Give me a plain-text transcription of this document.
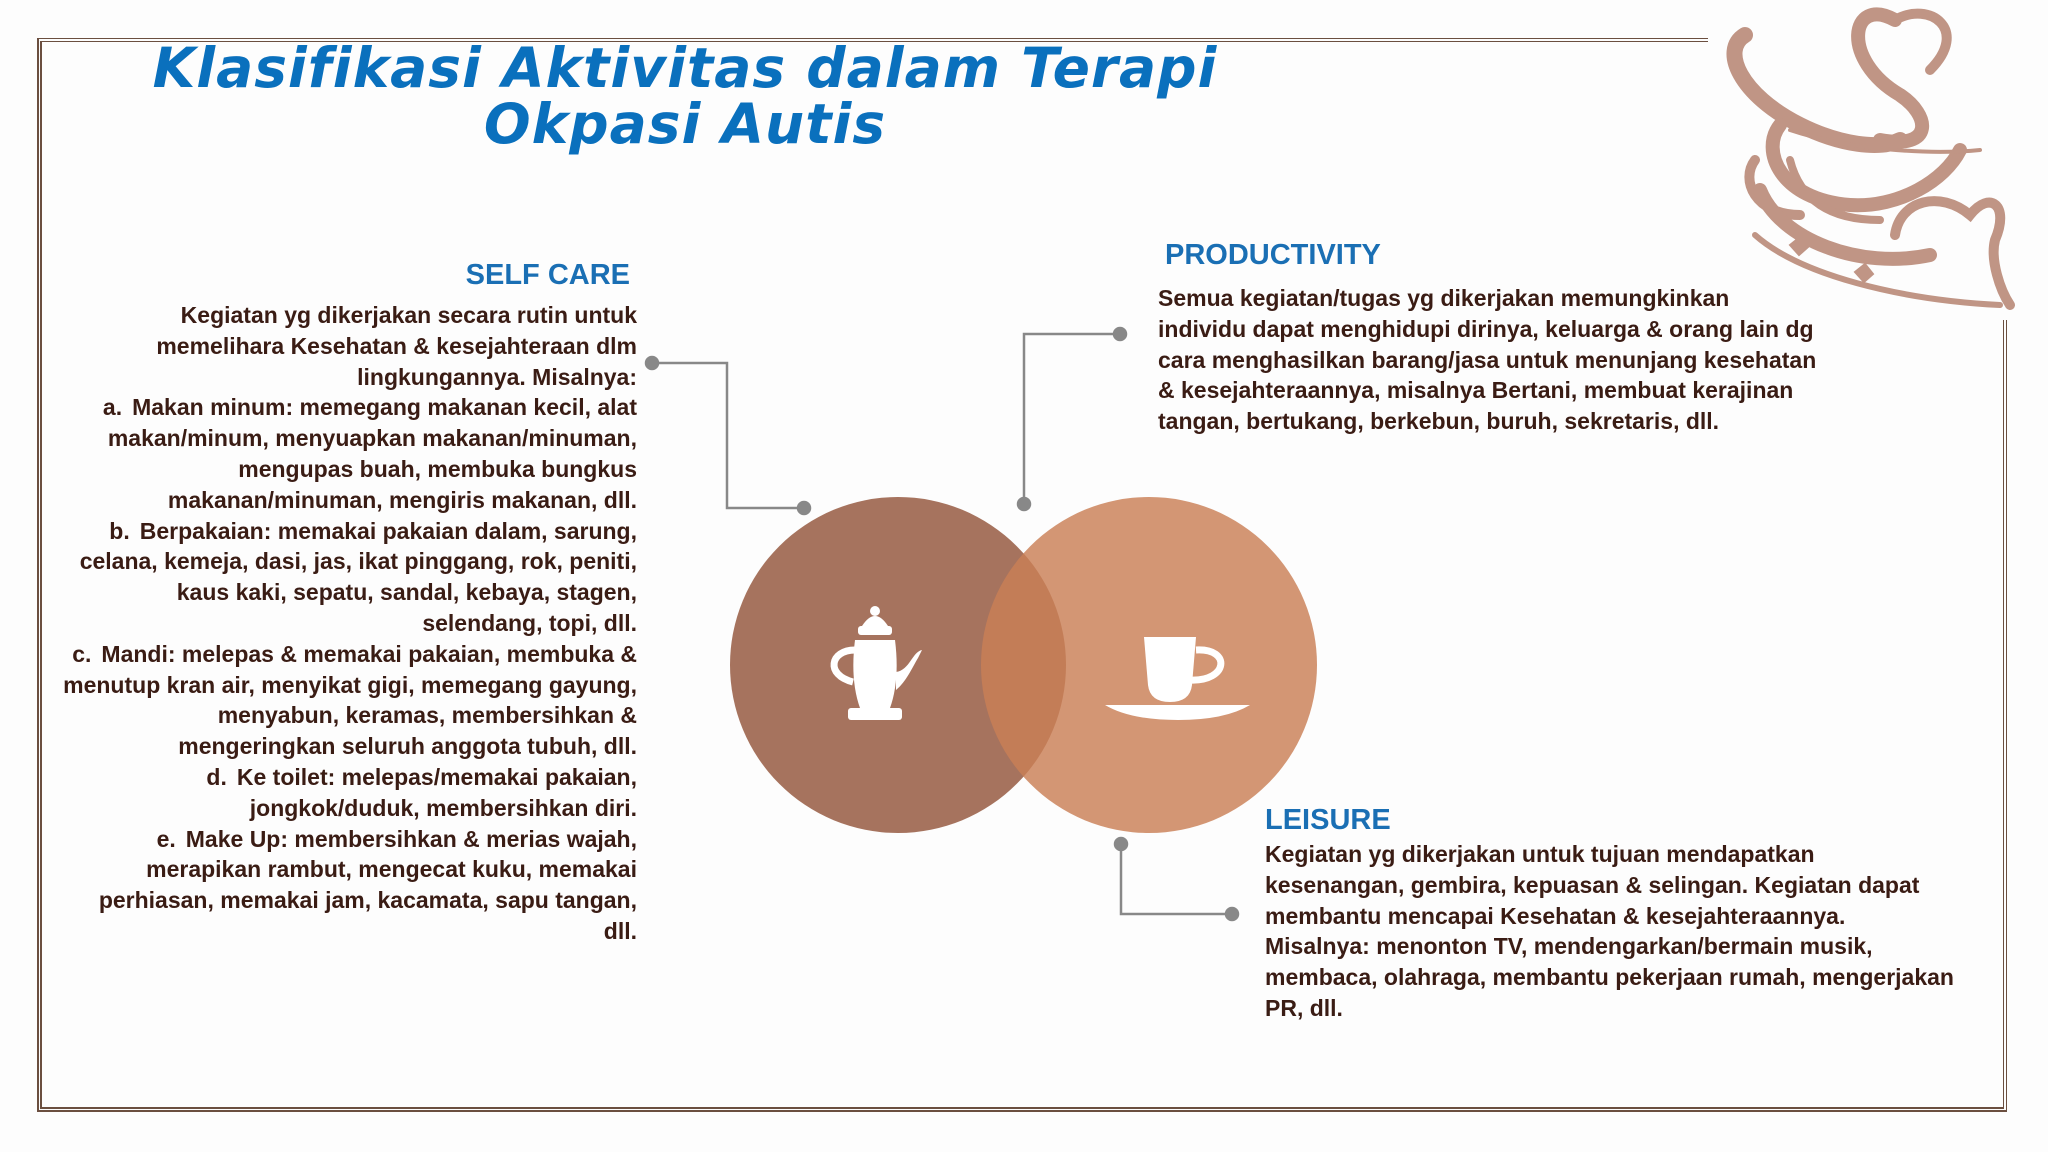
Klasifikasi Aktivitas dalam Terapi Okpasi Autis
SELF CARE

Kegiatan yg dikerjakan secara rutin untuk memelihara Kesehatan & kesejahteraan dlm lingkungannya. Misalnya:

a. Makan minum: memegang makanan kecil, alat makan/minum, menyuapkan makanan/minuman, mengupas buah, membuka bungkus makanan/minuman, mengiris makanan, dll.

b. Berpakaian: memakai pakaian dalam, sarung, celana, kemeja, dasi, jas, ikat pinggang, rok, peniti, kaus kaki, sepatu, sandal, kebaya, stagen, selendang, topi, dll.

c. Mandi: melepas & memakai pakaian, membuka & menutup kran air, menyikat gigi, memegang gayung, menyabun, keramas, membersihkan & mengeringkan seluruh anggota tubuh, dll.

d. Ke toilet: melepas/memakai pakaian, jongkok/duduk, membersihkan diri.

e. Make Up: membersihkan & merias wajah, merapikan rambut, mengecat kuku, memakai perhiasan, memakai jam, kacamata, sapu tangan, dll.

PRODUCTIVITY
Semua kegiatan/tugas yg dikerjakan memungkinkan individu dapat menghidupi dirinya, keluarga & orang lain dg cara menghasilkan barang/jasa untuk menunjang kesehatan & kesejahteraannya, misalnya Bertani, membuat kerajinan tangan, bertukang, berkebun, buruh, sekretaris, dll.
LEISURE
Kegiatan yg dikerjakan untuk tujuan mendapatkan kesenangan, gembira, kepuasan & selingan. Kegiatan dapat membantu mencapai Kesehatan & kesejahteraannya. Misalnya: menonton TV, mendengarkan/bermain musik, membaca, olahraga, membantu pekerjaan rumah, mengerjakan PR, dll.
